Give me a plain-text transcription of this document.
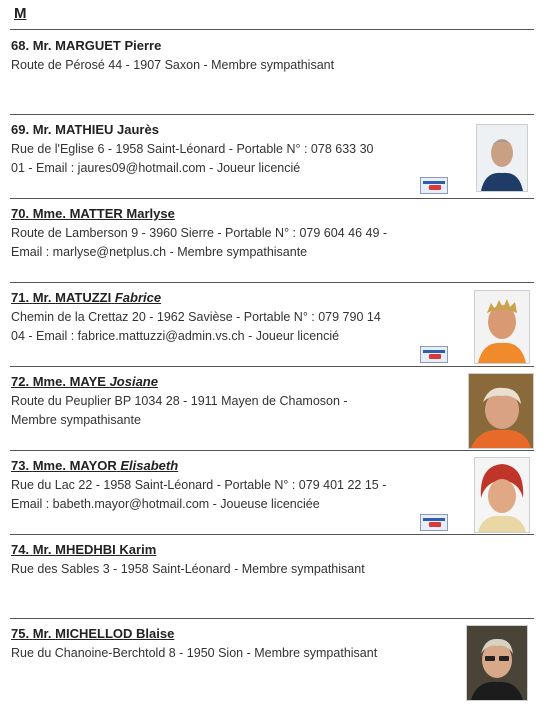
M
68. Mr. MARGUET Pierre
Route de Pérosé 44 - 1907 Saxon - Membre sympathisant
69. Mr. MATHIEU Jaurès
Rue de l'Eglise 6 - 1958 Saint-Léonard - Portable N° : 078 633 30
01 - Email : jaures09@hotmail.com - Joueur licencié
70. Mme. MATTER Marlyse
Route de Lamberson 9 - 3960 Sierre - Portable N° : 079 604 46 49 -
Email : marlyse@netplus.ch - Membre sympathisante
71. Mr. MATUZZI Fabrice
Chemin de la Crettaz 20 - 1962 Savièse - Portable N° : 079 790 14
04 - Email : fabrice.mattuzzi@admin.vs.ch - Joueur licencié
72. Mme. MAYE Josiane
Route du Peuplier BP 1034 28 - 1911 Mayen de Chamoson -
Membre sympathisante
73. Mme. MAYOR Elisabeth
Rue du Lac 22 - 1958 Saint-Léonard - Portable N° : 079 401 22 15 -
Email : babeth.mayor@hotmail.com - Joueuse licenciée
74. Mr. MHEDHBI Karim
Rue des Sables 3 - 1958 Saint-Léonard - Membre sympathisant
75. Mr. MICHELLOD Blaise
Rue du Chanoine-Berchtold 8 - 1950 Sion - Membre sympathisant
